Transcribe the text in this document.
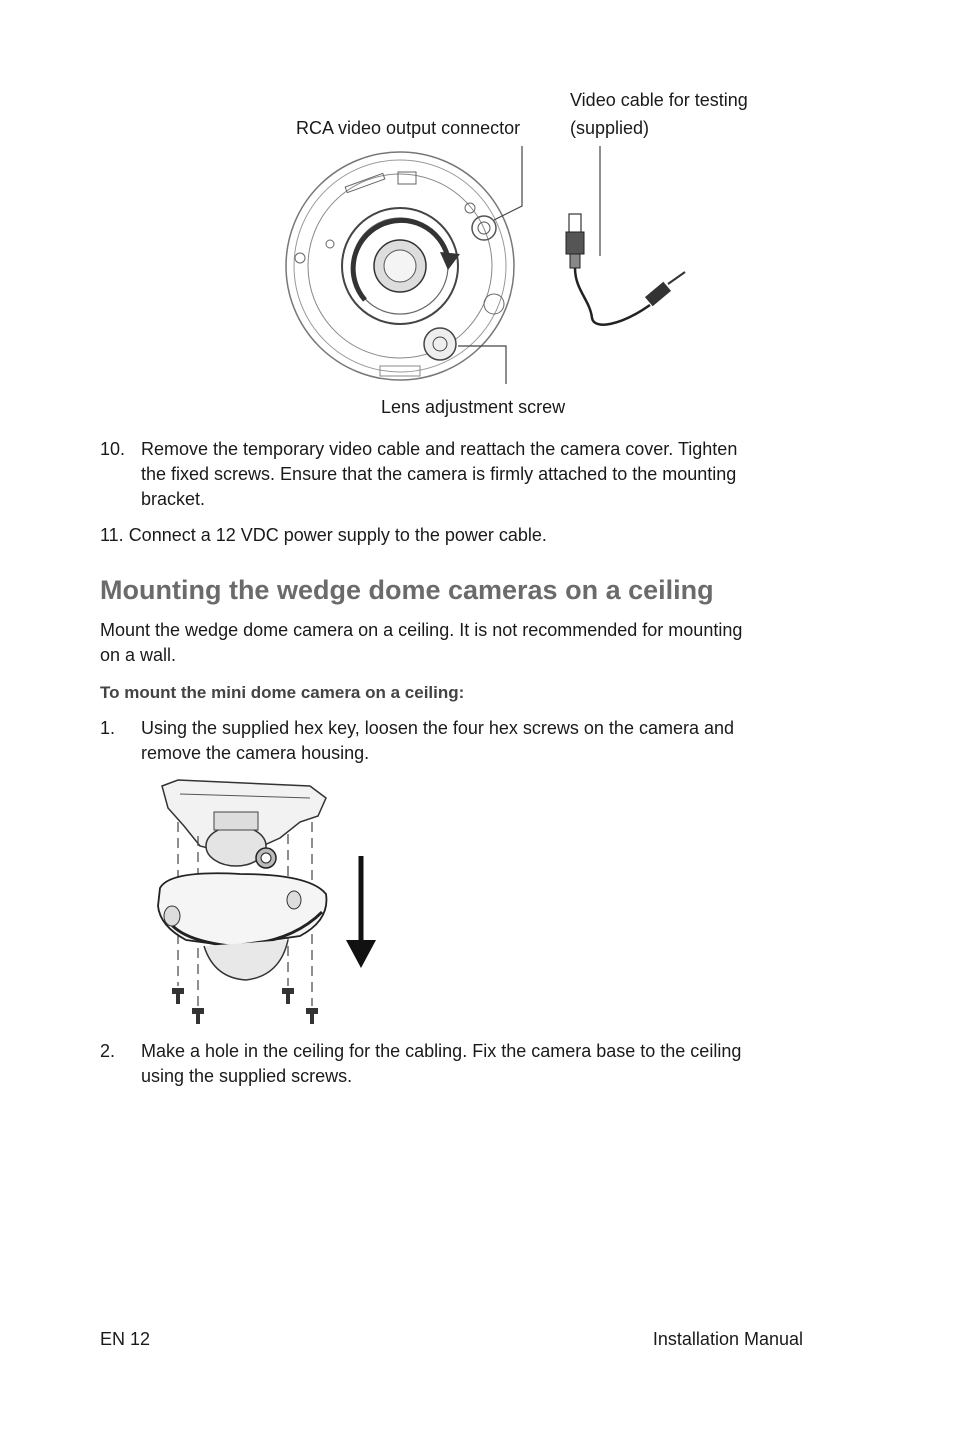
Video cable for testing
(supplied)
RCA video output connector
Lens adjustment screw
10. Remove the temporary video cable and reattach the camera cover. Tighten
the fixed screws. Ensure that the camera is firmly attached to the mounting
bracket.
11. Connect a 12 VDC power supply to the power cable.
Mounting the wedge dome cameras on a ceiling
Mount the wedge dome camera on a ceiling. It is not recommended for mounting
on a wall.
To mount the mini dome camera on a ceiling:
1. Using the supplied hex key, loosen the four hex screws on the camera and
remove the camera housing.
2. Make a hole in the ceiling for the cabling. Fix the camera base to the ceiling
using the supplied screws.
EN 12	Installation Manual
